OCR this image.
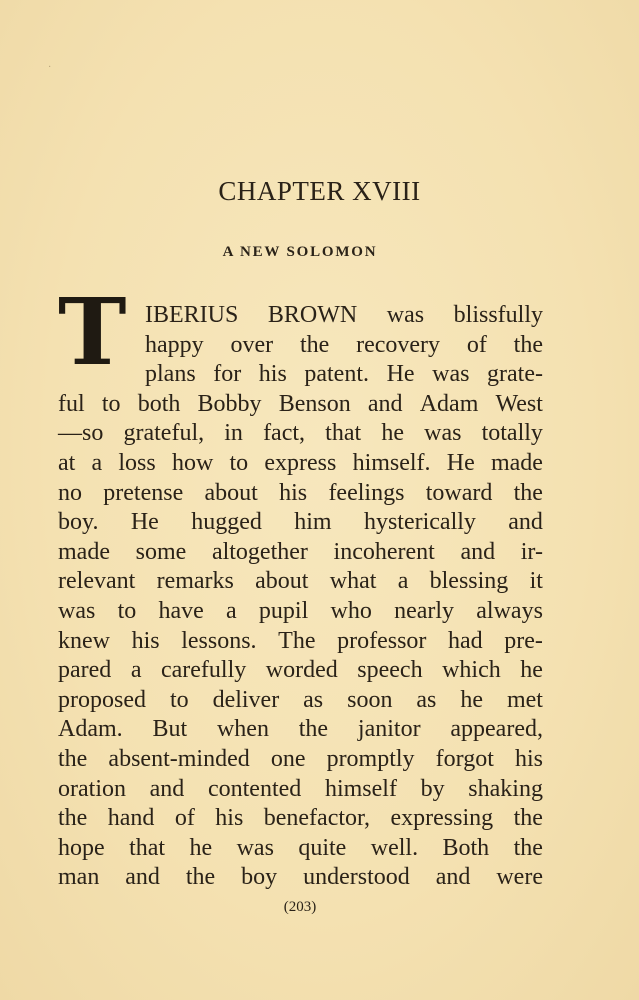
·
CHAPTER XVIII
A NEW SOLOMON
T IBERIUS BROWN was blissfully
happy over the recovery of the
plans for his patent. He was grate-
ful to both Bobby Benson and Adam West
—so grateful, in fact, that he was totally
at a loss how to express himself. He made
no pretense about his feelings toward the
boy. He hugged him hysterically and
made some altogether incoherent and ir-
relevant remarks about what a blessing it
was to have a pupil who nearly always
knew his lessons. The professor had pre-
pared a carefully worded speech which he
proposed to deliver as soon as he met
Adam. But when the janitor appeared,
the absent-minded one promptly forgot his
oration and contented himself by shaking
the hand of his benefactor, expressing the
hope that he was quite well. Both the
man and the boy understood and were
(203)
